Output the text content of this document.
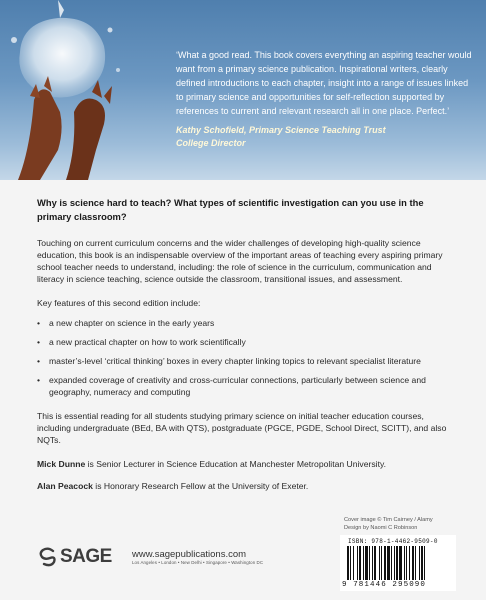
‘What a good read. This book covers everything an aspiring teacher would want from a primary science publication. Inspirational writers, clearly defined introductions to each chapter, insight into a range of issues linked to primary science and opportunities for self-reflection supported by references to current and relevant research all in one place. Perfect.’

Kathy Schofield, Primary Science Teaching Trust
College Director

Why is science hard to teach? What types of scientific investigation can you use in the primary classroom?

Touching on current curriculum concerns and the wider challenges of developing high-quality science education, this book is an indispensable overview of the important areas of teaching every aspiring primary school teacher needs to understand, including: the role of science in the curriculum, communication and literacy in science teaching, science outside the classroom, transitional issues, and assessment.

Key features of this second edition include:

• a new chapter on science in the early years
• a new practical chapter on how to work scientifically
• master’s-level ‘critical thinking’ boxes in every chapter linking topics to relevant specialist literature
• expanded coverage of creativity and cross-curricular connections, particularly between science and geography, numeracy and computing

This is essential reading for all students studying primary science on initial teacher education courses, including undergraduate (BEd, BA with QTS), postgraduate (PGCE, PGDE, School Direct, SCITT), and also NQTs.

Mick Dunne is Senior Lecturer in Science Education at Manchester Metropolitan University.

Alan Peacock is Honorary Research Fellow at the University of Exeter.

Cover image © Tim Cairney / Alamy
Design by Naomi C Robinson
ISBN: 978-1-4462-9509-0
9 781446 295090
SAGE www.sagepublications.com
Los Angeles • London • New Delhi • Singapore • Washington DC
